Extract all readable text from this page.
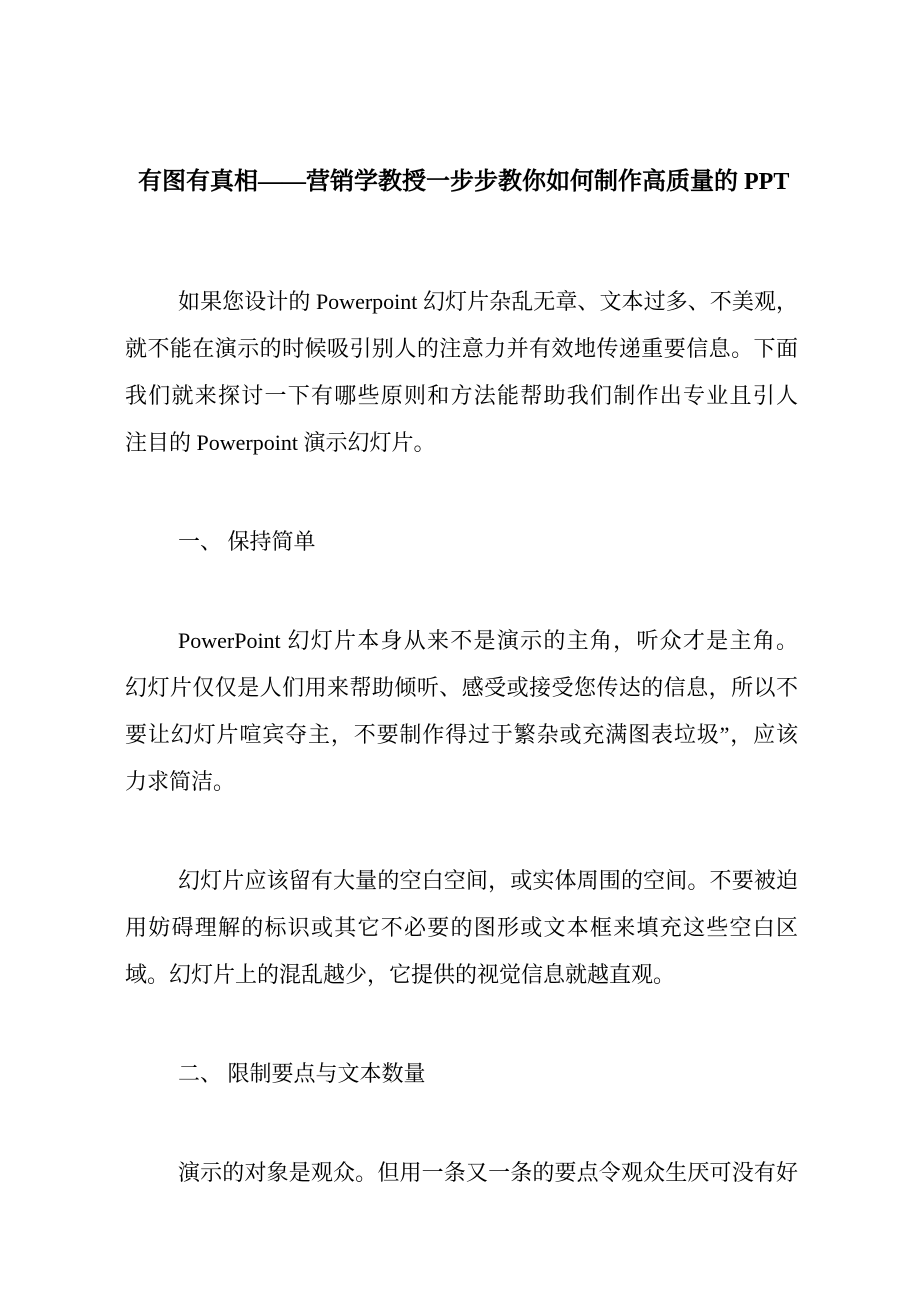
有图有真相——营销学教授一步步教你如何制作高质量的 PPT
如果您设计的 Powerpoint 幻灯片杂乱无章、文本过多、不美观，
就不能在演示的时候吸引别人的注意力并有效地传递重要信息。下面
我们就来探讨一下有哪些原则和方法能帮助我们制作出专业且引人
注目的 Powerpoint 演示幻灯片。
一、 保持简单
PowerPoint 幻灯片本身从来不是演示的主角，听众才是主角。
幻灯片仅仅是人们用来帮助倾听、感受或接受您传达的信息，所以不
要让幻灯片喧宾夺主，不要制作得过于繁杂或充满图表垃圾”，应该
力求简洁。
幻灯片应该留有大量的空白空间，或实体周围的空间。不要被迫
用妨碍理解的标识或其它不必要的图形或文本框来填充这些空白区
域。幻灯片上的混乱越少，它提供的视觉信息就越直观。
二、 限制要点与文本数量
演示的对象是观众。但用一条又一条的要点令观众生厌可没有好
